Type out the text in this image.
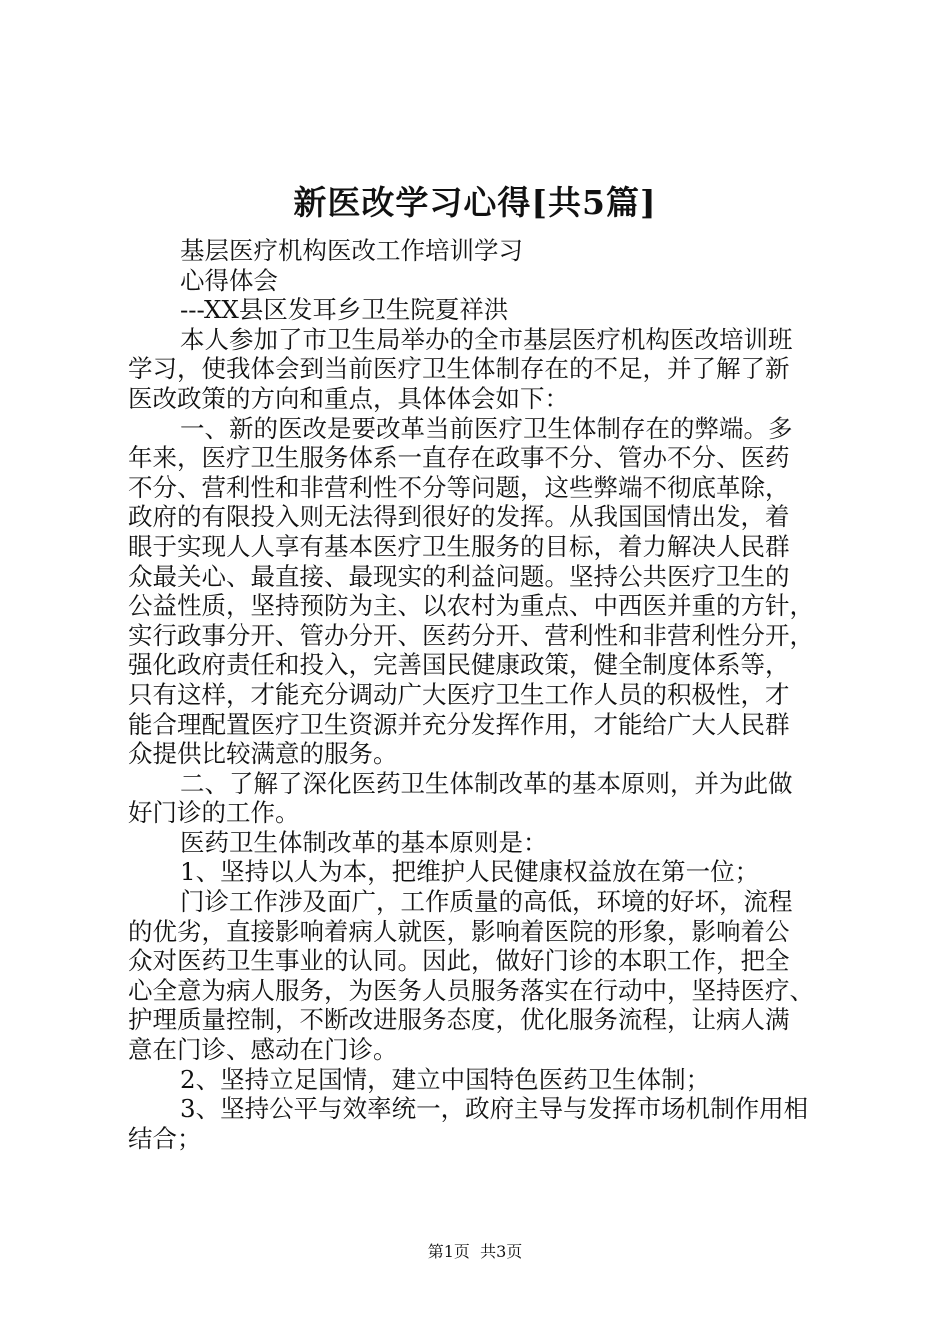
新医改学习心得[共5篇]
基层医疗机构医改工作培训学习
心得体会
---XX县区发耳乡卫生院夏祥洪
本人参加了市卫生局举办的全市基层医疗机构医改培训班
学习，使我体会到当前医疗卫生体制存在的不足，并了解了新
医改政策的方向和重点，具体体会如下：
一、新的医改是要改革当前医疗卫生体制存在的弊端。多
年来，医疗卫生服务体系一直存在政事不分、管办不分、医药
不分、营利性和非营利性不分等问题，这些弊端不彻底革除，
政府的有限投入则无法得到很好的发挥。从我国国情出发，着
眼于实现人人享有基本医疗卫生服务的目标，着力解决人民群
众最关心、最直接、最现实的利益问题。坚持公共医疗卫生的
公益性质，坚持预防为主、以农村为重点、中西医并重的方针，
实行政事分开、管办分开、医药分开、营利性和非营利性分开，
强化政府责任和投入，完善国民健康政策，健全制度体系等，
只有这样，才能充分调动广大医疗卫生工作人员的积极性，才
能合理配置医疗卫生资源并充分发挥作用，才能给广大人民群
众提供比较满意的服务。
二、了解了深化医药卫生体制改革的基本原则，并为此做
好门诊的工作。
医药卫生体制改革的基本原则是：
1、坚持以人为本，把维护人民健康权益放在第一位；
门诊工作涉及面广，工作质量的高低，环境的好坏，流程
的优劣，直接影响着病人就医，影响着医院的形象，影响着公
众对医药卫生事业的认同。因此，做好门诊的本职工作，把全
心全意为病人服务，为医务人员服务落实在行动中，坚持医疗、
护理质量控制，不断改进服务态度，优化服务流程，让病人满
意在门诊、感动在门诊。
2、坚持立足国情，建立中国特色医药卫生体制；
3、坚持公平与效率统一，政府主导与发挥市场机制作用相
结合；
第1页  共3页
